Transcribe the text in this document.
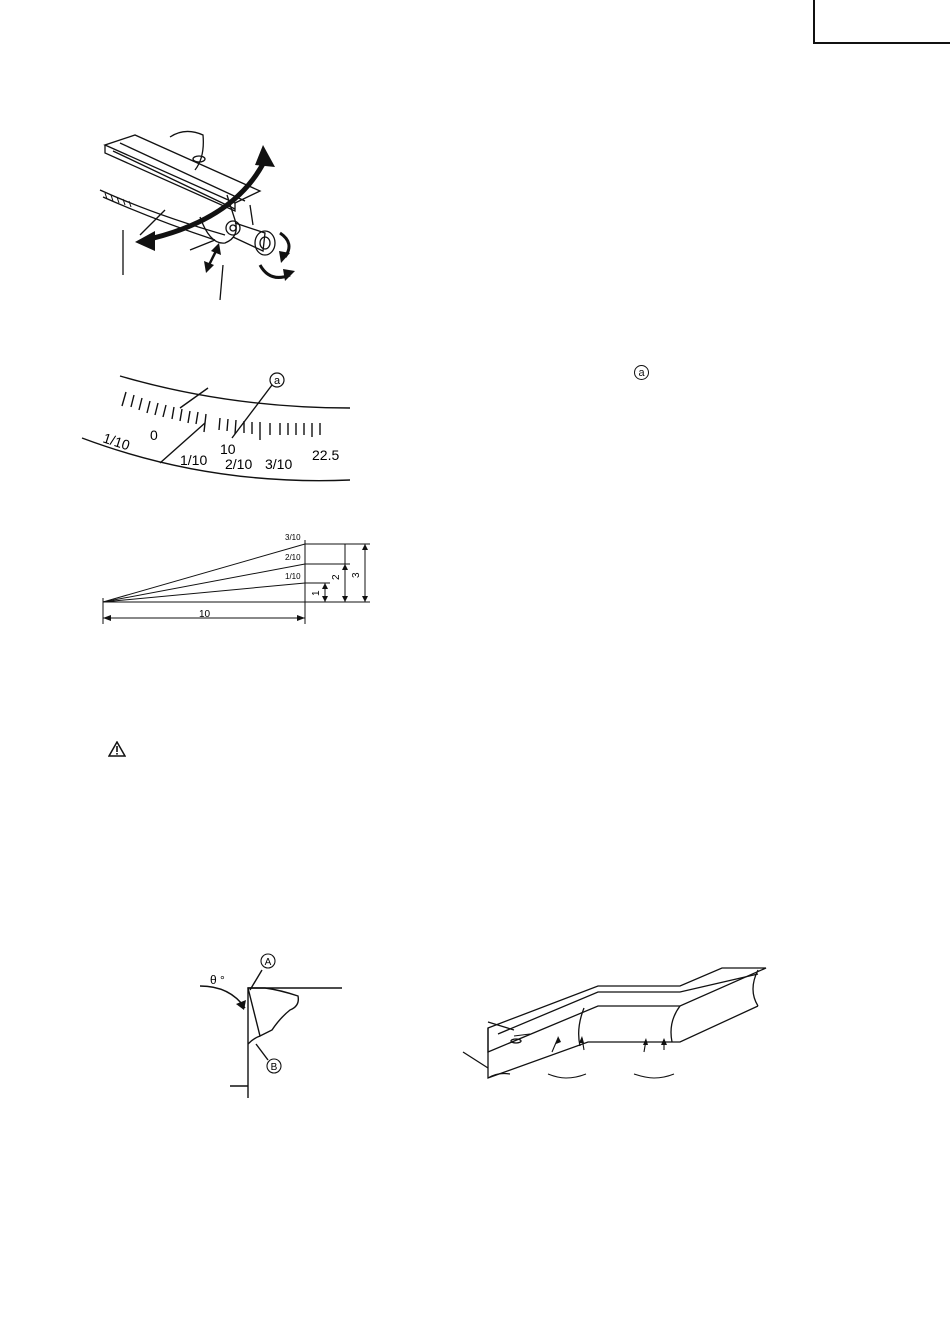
a
1/10 0
1/10
10
2/10 3/10
22.5
3/10
2/10
1/10
1
2 3
10
a
θ °
A
B
